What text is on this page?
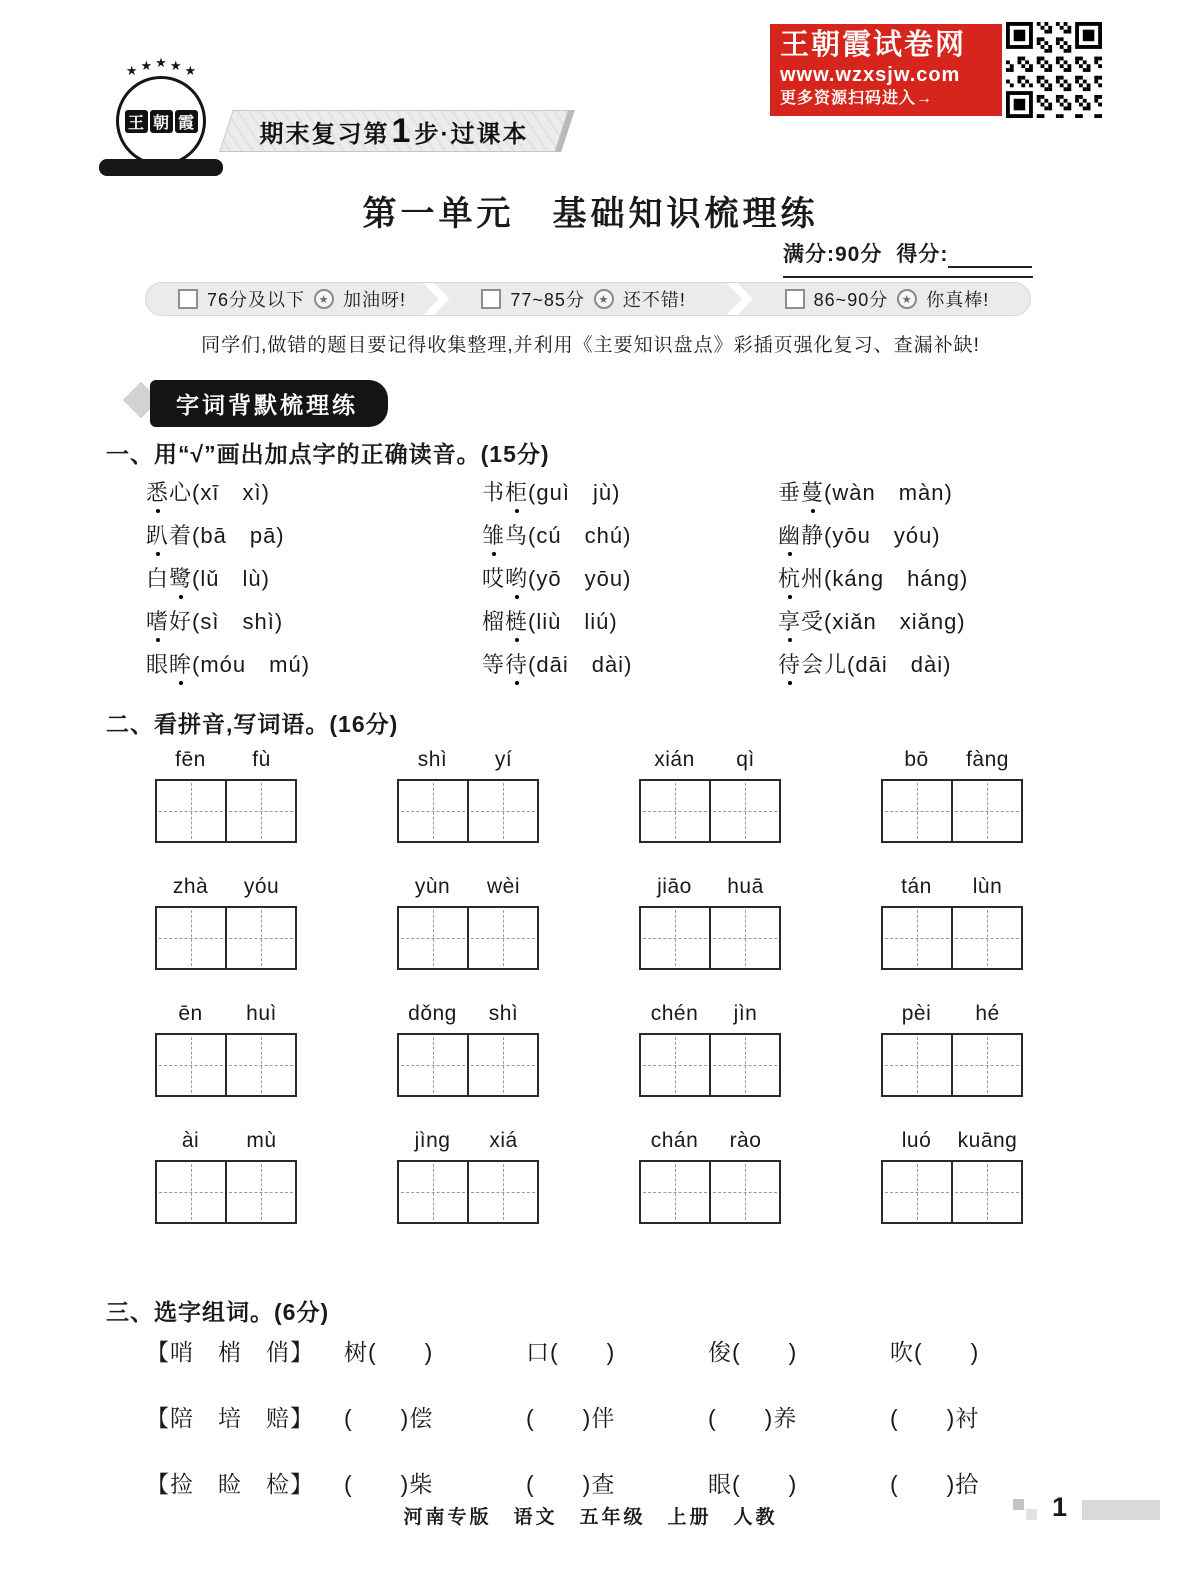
★ ★ ★ ★ ★
王 朝 霞	期末复习第 1 步·过课本
王朝霞试卷网
www.wzxsjw.com
更多资源扫码进入→
第一单元　基础知识梳理练
满分:90分 得分:
76分及以下	★ 加油呀!	77~85分	★ 还不错!	86~90分	★ 你真棒!
同学们,做错的题目要记得收集整理,并利用《主要知识盘点》彩插页强化复习、查漏补缺!
字词背默梳理练
一、用“√”画出加点字的正确读音。(15分)
悉心(xī　xì)	书柜(guì　jù)	垂蔓(wàn　màn)
趴着(bā　pā)	雏鸟(cú　chú)	幽静(yōu　yóu)
白鹭(lǔ　lù)	哎哟(yō　yōu)	杭州(káng　háng)
嗜好(sì　shì)	榴梿(liù　liú)	享受(xiǎn　xiǎng)
眼眸(móu　mú)	等待(dāi　dài)	待会儿(dāi　dài)
二、看拼音,写词语。(16分)
fēn	fù	shì	yí	xián	qì	bō	fàng
zhà	yóu	yùn	wèi	jiāo	huā	tán	lùn
ēn	huì	dǒng	shì	chén	jìn	pèi	hé
ài	mù	jìng	xiá	chán	rào	luó	kuāng
三、选字组词。(6分)
【哨　梢　俏】	树(　　)	口(　　)	俊(　　)	吹(　　)
【陪　培　赔】	(　　)偿	(　　)伴	(　　)养	(　　)衬
【捡　睑　检】	(　　)柴	(　　)查	眼(　　)	(　　)拾
河南专版　语文　五年级　上册　人教	1
